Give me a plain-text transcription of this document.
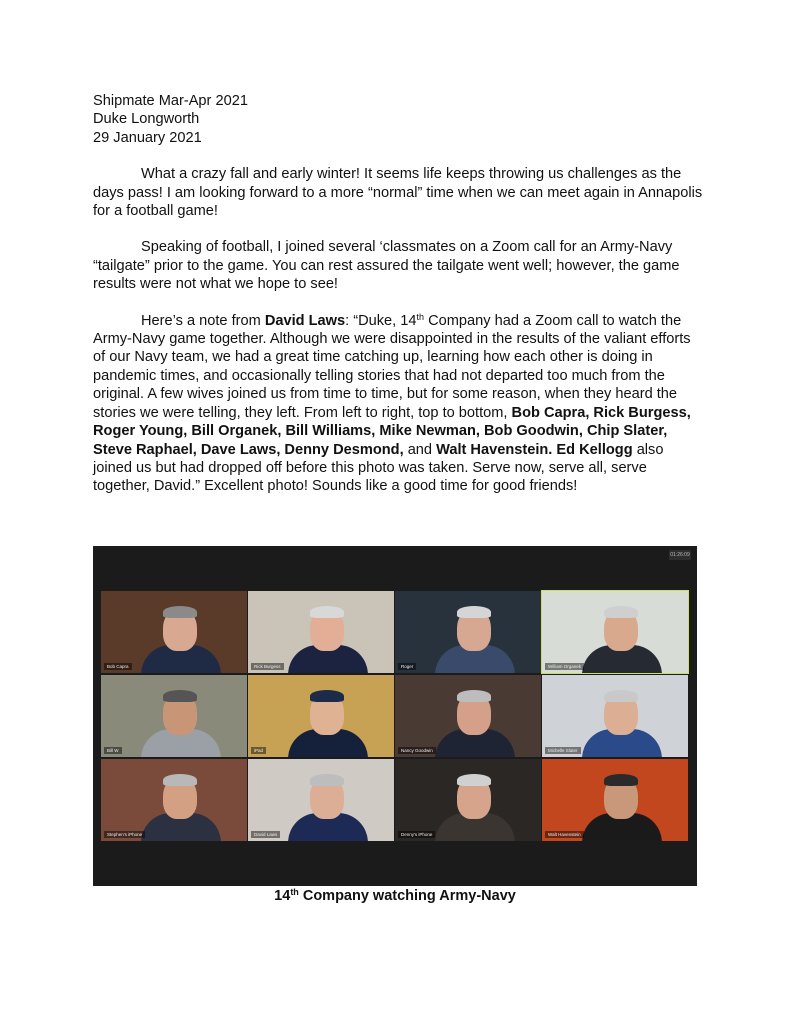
Shipmate Mar-Apr 2021
Duke Longworth
29 January 2021

What a crazy fall and early winter! It seems life keeps throwing us challenges as the days pass! I am looking forward to a more “normal” time when we can meet again in Annapolis for a football game!

Speaking of football, I joined several ‘classmates on a Zoom call for an Army-Navy “tailgate” prior to the game. You can rest assured the tailgate went well; however, the game results were not what we hope to see!

Here’s a note from David Laws: “Duke, 14th Company had a Zoom call to watch the Army-Navy game together. Although we were disappointed in the results of the valiant efforts of our Navy team, we had a great time catching up, learning how each other is doing in pandemic times, and occasionally telling stories that had not departed too much from the original. A few wives joined us from time to time, but for some reason, when they heard the stories we were telling, they left. From left to right, top to bottom, Bob Capra, Rick Burgess, Roger Young, Bill Organek, Bill Williams, Mike Newman, Bob Goodwin, Chip Slater, Steve Raphael, Dave Laws, Denny Desmond, and Walt Havenstein. Ed Kellogg also joined us but had dropped off before this photo was taken. Serve now, serve all, serve together, David.” Excellent photo! Sounds like a good time for good friends!

01:26:09
Bob Capra	Rick Burgess	Roger	William Organek
Bill W	iPad	Nancy Goodwin	Michelle Slater
Stephen's iPhone	David Laws	Denny's iPhone	Walt Havenstein
14th Company watching Army-Navy
